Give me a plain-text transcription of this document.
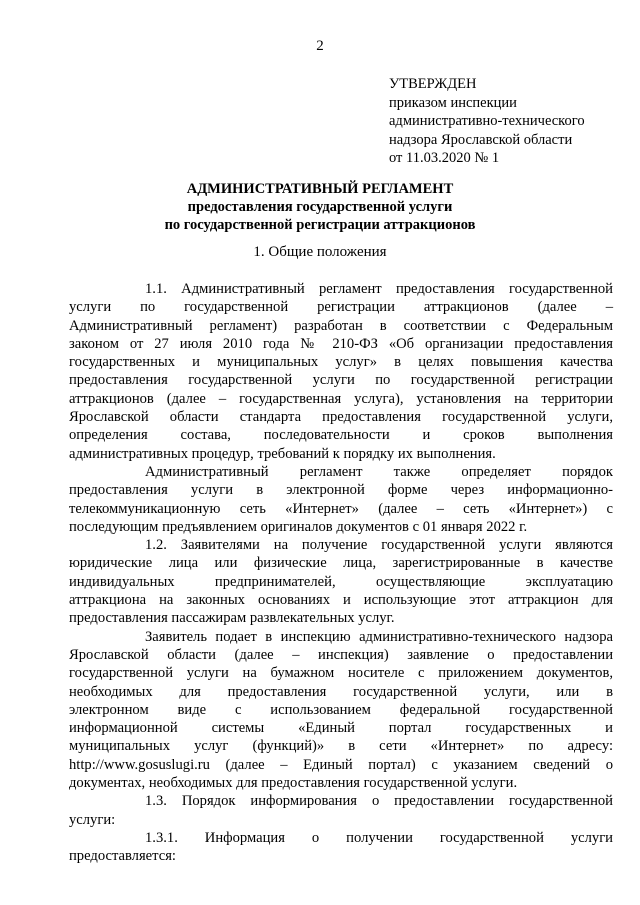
2
УТВЕРЖДЕН
приказом инспекции
административно-технического
надзора Ярославской области
от 11.03.2020 № 1
АДМИНИСТРАТИВНЫЙ РЕГЛАМЕНТ
предоставления государственной услуги
по государственной регистрации аттракционов
1. Общие положения

1.1. Административный регламент предоставления государственной
услуги по государственной регистрации аттракционов (далее –
Административный регламент) разработан в соответствии с Федеральным
законом от 27 июля 2010 года № 210-ФЗ «Об организации предоставления
государственных и муниципальных услуг» в целях повышения качества
предоставления государственной услуги по государственной регистрации
аттракционов (далее – государственная услуга), установления на территории
Ярославской области стандарта предоставления государственной услуги,
определения состава, последовательности и сроков выполнения
административных процедур, требований к порядку их выполнения.

Административный регламент также определяет порядок
предоставления услуги в электронной форме через информационно-
телекоммуникационную сеть «Интернет» (далее – сеть «Интернет») с
последующим предъявлением оригиналов документов с 01 января 2022 г.

1.2. Заявителями на получение государственной услуги являются
юридические лица или физические лица, зарегистрированные в качестве
индивидуальных предпринимателей, осуществляющие эксплуатацию
аттракциона на законных основаниях и использующие этот аттракцион для
предоставления пассажирам развлекательных услуг.

Заявитель подает в инспекцию административно-технического надзора
Ярославской области (далее – инспекция) заявление о предоставлении
государственной услуги на бумажном носителе с приложением документов,
необходимых для предоставления государственной услуги, или в
электронном виде с использованием федеральной государственной
информационной системы «Единый портал государственных и
муниципальных услуг (функций)» в сети «Интернет» по адресу:
http://www.gosuslugi.ru (далее – Единый портал) с указанием сведений о
документах, необходимых для предоставления государственной услуги.

1.3. Порядок информирования о предоставлении государственной
услуги:

1.3.1. Информация о получении государственной услуги
предоставляется:
